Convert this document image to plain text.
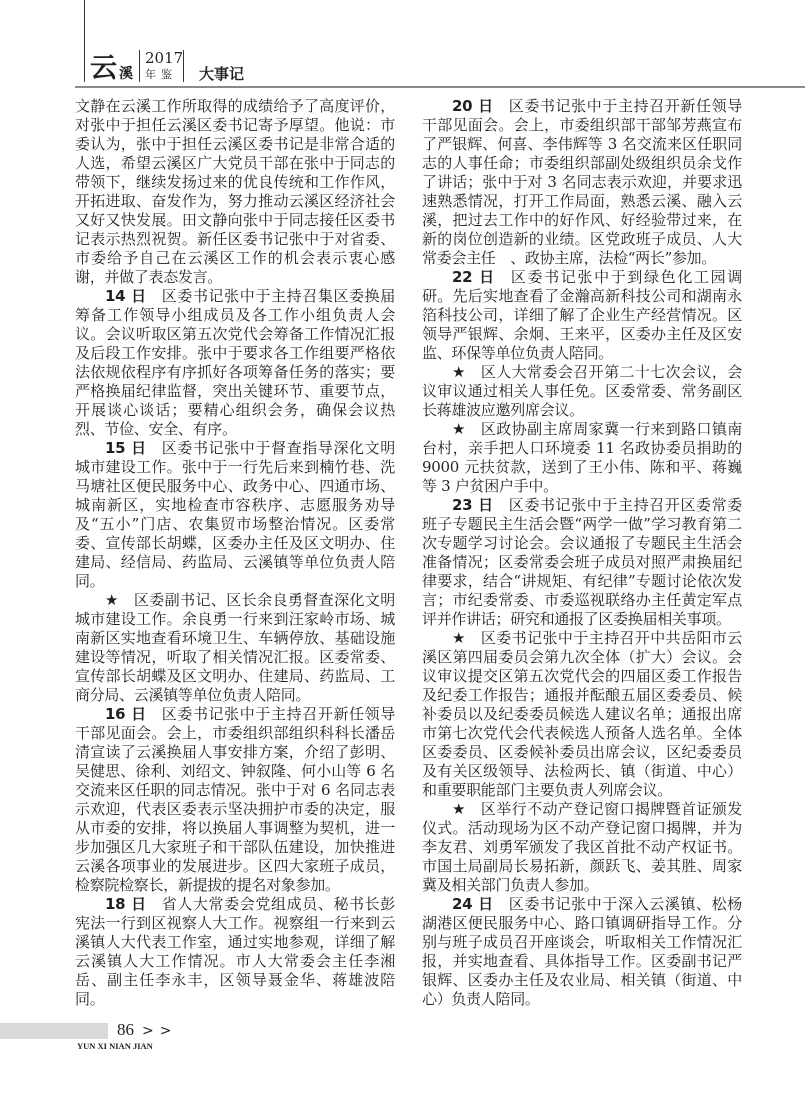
云 溪
2017
年鉴 大事记

文静在云溪工作所取得的成绩给予了高度评价，对张中于担任云溪区委书记寄予厚望。他说：市委认为，张中于担任云溪区委书记是非常合适的人选，希望云溪区广大党员干部在张中于同志的带领下，继续发扬过来的优良传统和工作作风，开拓进取、奋发作为，努力推动云溪区经济社会又好又快发展。田文静向张中于同志接任区委书记表示热烈祝贺。新任区委书记张中于对省委、市委给予自己在云溪区工作的机会表示衷心感谢，并做了表态发言。

14 日 区委书记张中于主持召集区委换届筹备工作领导小组成员及各工作小组负责人会议。会议听取区第五次党代会筹备工作情况汇报及后段工作安排。张中于要求各工作组要严格依法依规依程序有序抓好各项筹备任务的落实；要严格换届纪律监督，突出关键环节、重要节点，开展谈心谈话；要精心组织会务，确保会议热烈、节俭、安全、有序。

15 日 区委书记张中于督查指导深化文明城市建设工作。张中于一行先后来到楠竹巷、洗马塘社区便民服务中心、政务中心、四通市场、城南新区，实地检查市容秩序、志愿服务劝导及“五小”门店、农集贸市场整治情况。区委常委、宣传部长胡蝶，区委办主任及区文明办、住建局、经信局、药监局、云溪镇等单位负责人陪同。

★ 区委副书记、区长余良勇督查深化文明城市建设工作。余良勇一行来到汪家岭市场、城南新区实地查看环境卫生、车辆停放、基础设施建设等情况，听取了相关情况汇报。区委常委、宣传部长胡蝶及区文明办、住建局、药监局、工商分局、云溪镇等单位负责人陪同。

16 日 区委书记张中于主持召开新任领导干部见面会。会上，市委组织部组织科科长潘岳清宣读了云溪换届人事安排方案，介绍了彭明、吴健思、徐利、刘绍文、钟叙隆、何小山等 6 名交流来区任职的同志情况。张中于对 6 名同志表示欢迎，代表区委表示坚决拥护市委的决定，服从市委的安排，将以换届人事调整为契机，进一步加强区几大家班子和干部队伍建设，加快推进云溪各项事业的发展进步。区四大家班子成员，检察院检察长，新提拔的提名对象参加。

18 日 省人大常委会党组成员、秘书长彭宪法一行到区视察人大工作。视察组一行来到云溪镇人大代表工作室，通过实地参观，详细了解云溪镇人大工作情况。市人大常委会主任李湘岳、副主任李永丰，区领导聂金华、蒋雄波陪同。

20 日 区委书记张中于主持召开新任领导干部见面会。会上，市委组织部干部邹芳燕宣布了严银辉、何喜、李伟辉等 3 名交流来区任职同志的人事任命；市委组织部副处级组织员余戈作了讲话；张中于对 3 名同志表示欢迎，并要求迅速熟悉情况，打开工作局面，熟悉云溪、融入云溪，把过去工作中的好作风、好经验带过来，在新的岗位创造新的业绩。区党政班子成员、人大常委会主任　、政协主席，法检“两长”参加。

22 日 区委书记张中于到绿色化工园调研。先后实地查看了金瀚高新科技公司和湖南永箔科技公司，详细了解了企业生产经营情况。区领导严银辉、余炯、王来平，区委办主任及区安监、环保等单位负责人陪同。

★ 区人大常委会召开第二十七次会议，会议审议通过相关人事任免。区委常委、常务副区长蒋雄波应邀列席会议。

★ 区政协副主席周家冀一行来到路口镇南台村，亲手把人口环境委 11 名政协委员捐助的 9000 元扶贫款，送到了王小伟、陈和平、蒋巍等 3 户贫困户手中。

23 日 区委书记张中于主持召开区委常委班子专题民主生活会暨“两学一做”学习教育第二次专题学习讨论会。会议通报了专题民主生活会准备情况；区委常委会班子成员对照严肃换届纪律要求，结合“讲规矩、有纪律”专题讨论依次发言；市纪委常委、市委巡视联络办主任黄定军点评并作讲话；研究和通报了区委换届相关事项。

★ 区委书记张中于主持召开中共岳阳市云溪区第四届委员会第九次全体（扩大）会议。会议审议提交区第五次党代会的四届区委工作报告及纪委工作报告；通报并酝酿五届区委委员、候补委员以及纪委委员候选人建议名单；通报出席市第七次党代会代表候选人预备人选名单。全体区委委员、区委候补委员出席会议，区纪委委员及有关区级领导、法检两长、镇（街道、中心）和重要职能部门主要负责人列席会议。

★ 区举行不动产登记窗口揭牌暨首证颁发仪式。活动现场为区不动产登记窗口揭牌，并为李友君、刘勇军颁发了我区首批不动产权证书。市国土局副局长易拓新，颜跃飞、姜其胜、周家冀及相关部门负责人参加。

24 日 区委书记张中于深入云溪镇、松杨湖港区便民服务中心、路口镇调研指导工作。分别与班子成员召开座谈会，听取相关工作情况汇报，并实地查看、具体指导工作。区委副书记严银辉、区委办主任及农业局、相关镇（街道、中心）负责人陪同。

86 >>
YUN XI NIAN JIAN
